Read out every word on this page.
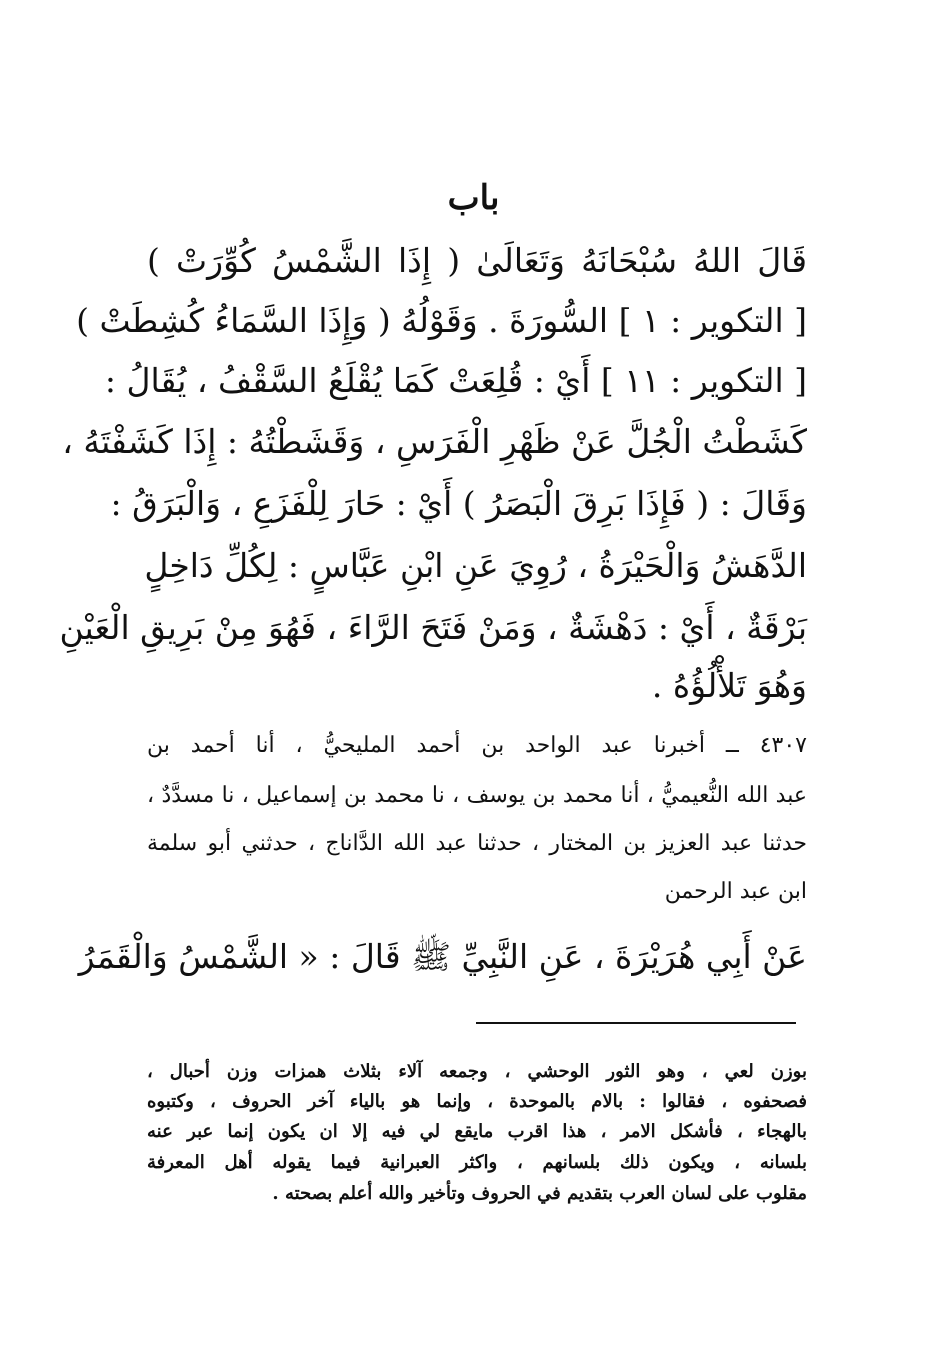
باب
قَالَ اللهُ سُبْحَانَهُ وَتَعَالَىٰ ( إِذَا الشَّمْسُ كُوِّرَتْ )
[ التكوير : ١ ] السُّورَةَ . وَقَوْلُهُ ( وَإِذَا السَّمَاءُ كُشِطَتْ )
[ التكوير : ١١ ] أَيْ : قُلِعَتْ كَمَا يُقْلَعُ السَّقْفُ ، يُقَالُ :
كَشَطْتُ الْجُلَّ عَنْ ظَهْرِ الْفَرَسِ ، وَقَشَطْتُهُ : إِذَا كَشَفْتَهُ ،
وَقَالَ : ( فَإِذَا بَرِقَ الْبَصَرُ ) أَيْ : حَارَ لِلْفَزَعِ ، وَالْبَرَقُ :
الدَّهَشُ وَالْحَيْرَةُ ، رُوِيَ عَنِ ابْنِ عَبَّاسٍ : لِكُلِّ دَاخِلٍ
بَرْقَةٌ ، أَيْ : دَهْشَةٌ ، وَمَنْ فَتَحَ الرَّاءَ ، فَهُوَ مِنْ بَرِيقِ الْعَيْنِ
وَهُوَ تَلأْلُؤُهُ .
٤٣٠٧ ــ أخبرنا عبد الواحد بن أحمد المليحيُّ ، أنا أحمد بن
عبد الله النُّعيميُّ ، أنا محمد بن يوسف ، نا محمد بن إسماعيل ، نا مسدَّدٌ ،
حدثنا عبد العزيز بن المختار ، حدثنا عبد الله الدَّاناج ، حدثني أبو سلمة
ابن عبد الرحمن
عَنْ أَبِي هُرَيْرَةَ ، عَنِ النَّبِيِّ ﷺ قَالَ : « الشَّمْسُ وَالْقَمَرُ
بوزن لعي ، وهو الثور الوحشي ، وجمعه آلاء بثلاث همزات وزن أحبال ،
فصحفوه ، فقالوا : بالام بالموحدة ، وإنما هو بالياء آخر الحروف ، وكتبوه
بالهجاء ، فأشكل الامر ، هذا اقرب مايقع لي فيه إلا ان يكون إنما عبر عنه
بلسانه ، ويكون ذلك بلسانهم ، واكثر العبرانية فيما يقوله أهل المعرفة
مقلوب على لسان العرب بتقديم في الحروف وتأخير والله أعلم بصحته .
